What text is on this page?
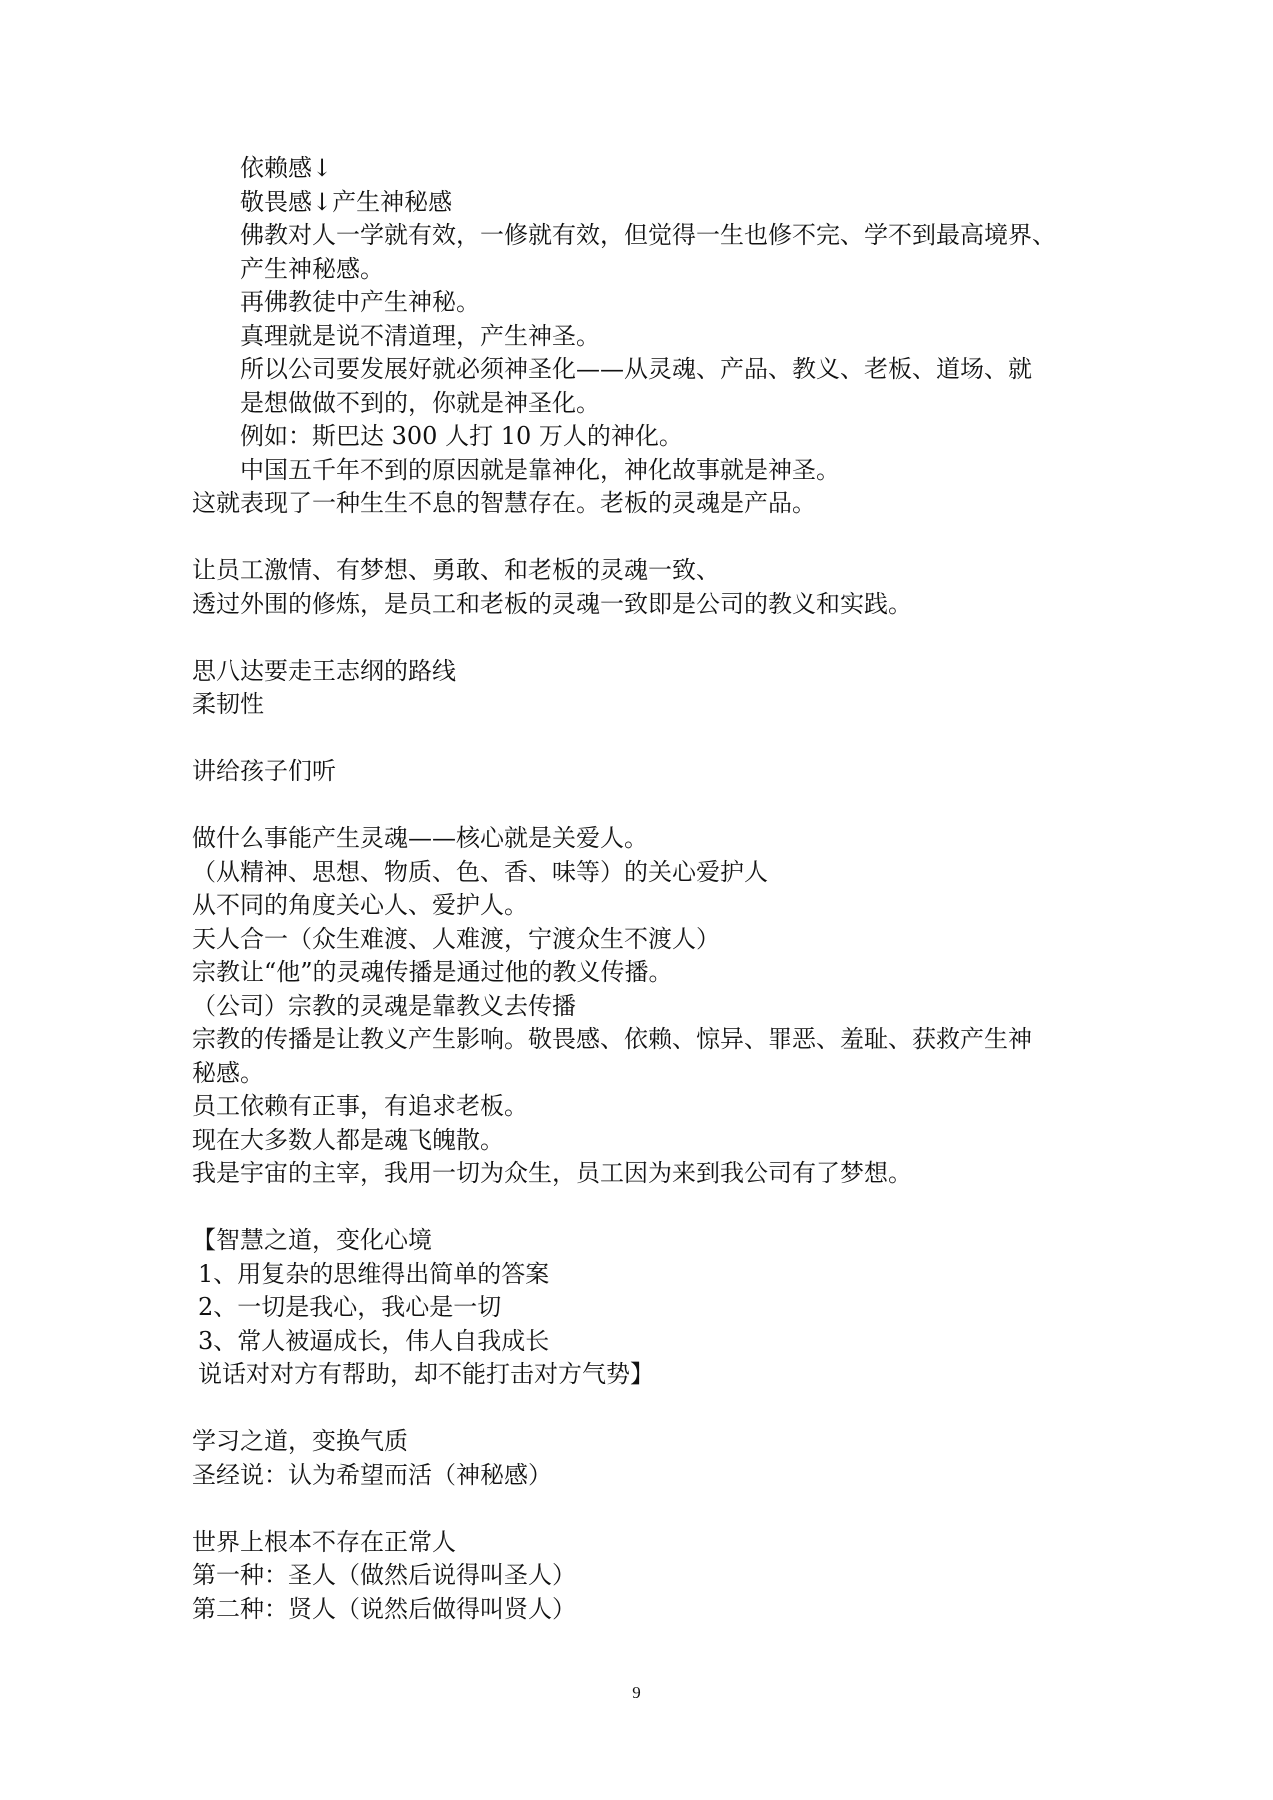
依赖感↓
敬畏感↓产生神秘感
佛教对人一学就有效，一修就有效，但觉得一生也修不完、学不到最高境界、
产生神秘感。
再佛教徒中产生神秘。
真理就是说不清道理，产生神圣。
所以公司要发展好就必须神圣化——从灵魂、产品、教义、老板、道场、就
是想做做不到的，你就是神圣化。
例如：斯巴达 300 人打 10 万人的神化。
中国五千年不到的原因就是靠神化，神化故事就是神圣。
这就表现了一种生生不息的智慧存在。老板的灵魂是产品。
让员工激情、有梦想、勇敢、和老板的灵魂一致、
透过外围的修炼，是员工和老板的灵魂一致即是公司的教义和实践。
思八达要走王志纲的路线
柔韧性
讲给孩子们听
做什么事能产生灵魂——核心就是关爱人。
（从精神、思想、物质、色、香、味等）的关心爱护人
从不同的角度关心人、爱护人。
天人合一（众生难渡、人难渡，宁渡众生不渡人）
宗教让“他”的灵魂传播是通过他的教义传播。
（公司）宗教的灵魂是靠教义去传播
宗教的传播是让教义产生影响。敬畏感、依赖、惊异、罪恶、羞耻、获救产生神
秘感。
员工依赖有正事，有追求老板。
现在大多数人都是魂飞魄散。
我是宇宙的主宰，我用一切为众生，员工因为来到我公司有了梦想。
【智慧之道，变化心境
1、用复杂的思维得出简单的答案
2、一切是我心，我心是一切
3、常人被逼成长，伟人自我成长
说话对对方有帮助，却不能打击对方气势】
学习之道，变换气质
圣经说：认为希望而活（神秘感）
世界上根本不存在正常人
第一种：圣人（做然后说得叫圣人）
第二种：贤人（说然后做得叫贤人）
9
